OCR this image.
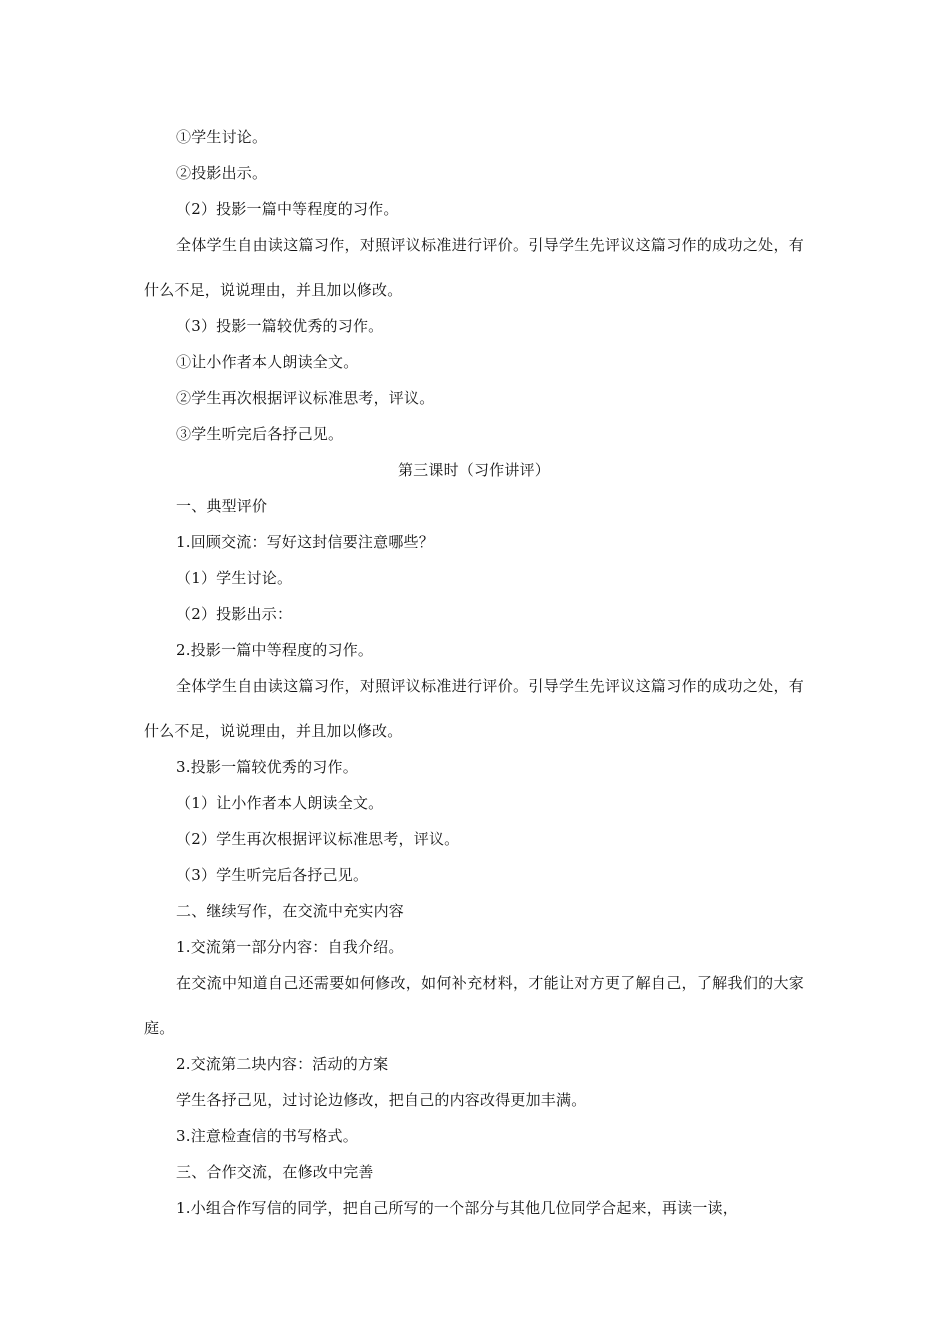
①学生讨论。

②投影出示。

（2）投影一篇中等程度的习作。

全体学生自由读这篇习作，对照评议标准进行评价。引导学生先评议这篇习作的成功之处，有什么不足，说说理由，并且加以修改。

（3）投影一篇较优秀的习作。

①让小作者本人朗读全文。

②学生再次根据评议标准思考，评议。

③学生听完后各抒己见。

第三课时（习作讲评）

一、典型评价

1.回顾交流：写好这封信要注意哪些？

（1）学生讨论。

（2）投影出示：

2.投影一篇中等程度的习作。

全体学生自由读这篇习作，对照评议标准进行评价。引导学生先评议这篇习作的成功之处，有什么不足，说说理由，并且加以修改。

3.投影一篇较优秀的习作。

（1）让小作者本人朗读全文。

（2）学生再次根据评议标准思考，评议。

（3）学生听完后各抒己见。

二、继续写作，在交流中充实内容

1.交流第一部分内容：自我介绍。

在交流中知道自己还需要如何修改，如何补充材料，才能让对方更了解自己，了解我们的大家庭。

2.交流第二块内容：活动的方案

学生各抒己见，过讨论边修改，把自己的内容改得更加丰满。

3.注意检查信的书写格式。

三、合作交流，在修改中完善

1.小组合作写信的同学，把自己所写的一个部分与其他几位同学合起来，再读一读，
